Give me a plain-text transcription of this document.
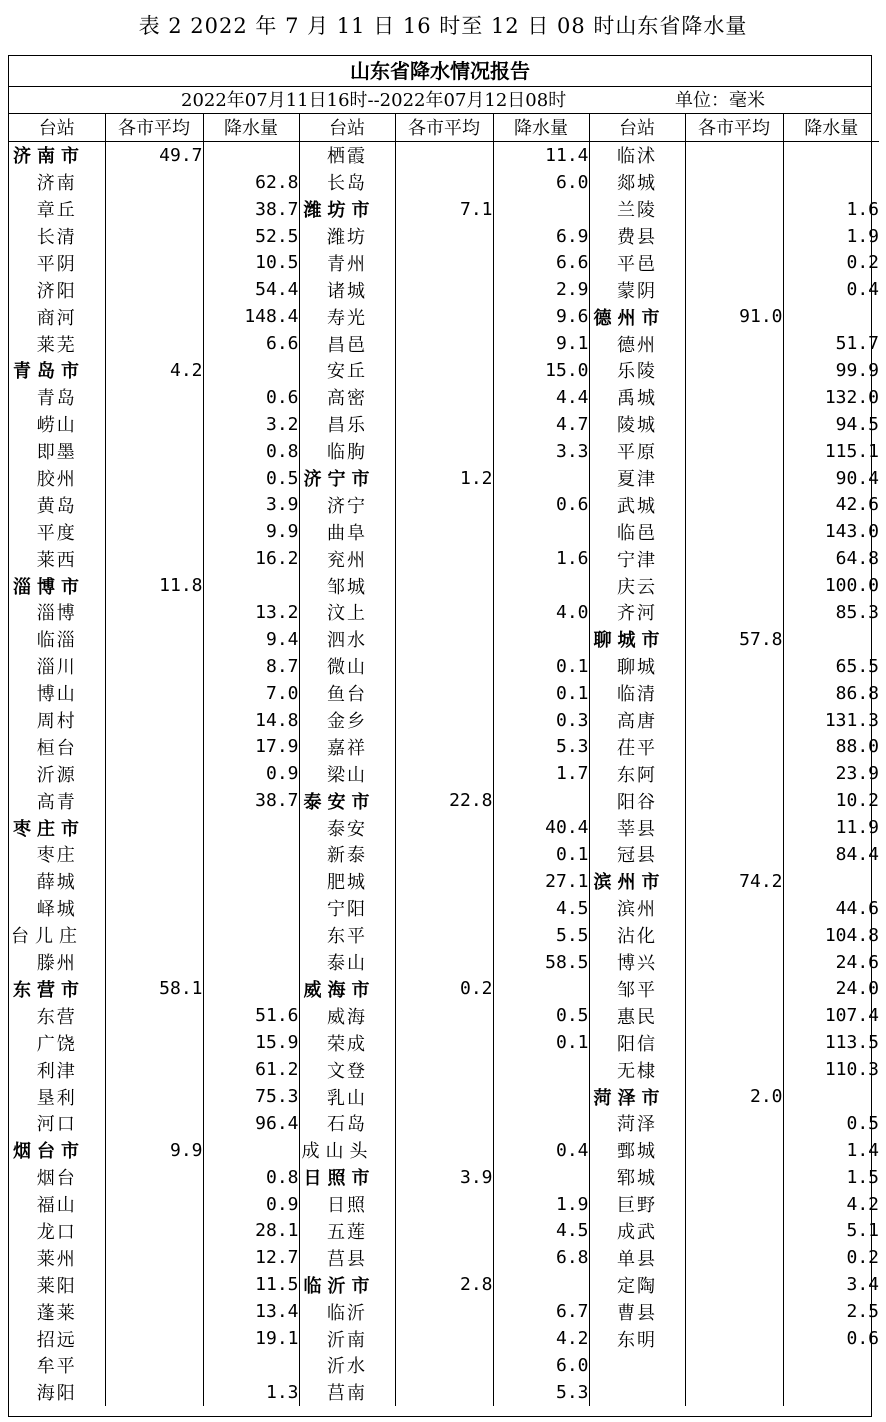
表 2 2022 年 7 月 11 日 16 时至 12 日 08 时山东省降水量
山东省降水情况报告
2022年07月11日16时--2022年07月12日08时	单位：毫米
台站	各市平均	降水量	台站	各市平均	降水量	台站	各市平均	降水量
济南市	49.7		栖霞		11.4	临沭		
济南		62.8	长岛		6.0	郯城		
章丘		38.7	潍坊市	7.1		兰陵		1.6
长清		52.5	潍坊		6.9	费县		1.9
平阴		10.5	青州		6.6	平邑		0.2
济阳		54.4	诸城		2.9	蒙阴		0.4
商河		148.4	寿光		9.6	德州市	91.0	
莱芜		6.6	昌邑		9.1	德州		51.7
青岛市	4.2		安丘		15.0	乐陵		99.9
青岛		0.6	高密		4.4	禹城		132.0
崂山		3.2	昌乐		4.7	陵城		94.5
即墨		0.8	临朐		3.3	平原		115.1
胶州		0.5	济宁市	1.2		夏津		90.4
黄岛		3.9	济宁		0.6	武城		42.6
平度		9.9	曲阜			临邑		143.0
莱西		16.2	兖州		1.6	宁津		64.8
淄博市	11.8		邹城			庆云		100.0
淄博		13.2	汶上		4.0	齐河		85.3
临淄		9.4	泗水			聊城市	57.8	
淄川		8.7	微山		0.1	聊城		65.5
博山		7.0	鱼台		0.1	临清		86.8
周村		14.8	金乡		0.3	高唐		131.3
桓台		17.9	嘉祥		5.3	茌平		88.0
沂源		0.9	梁山		1.7	东阿		23.9
高青		38.7	泰安市	22.8		阳谷		10.2
枣庄市			泰安		40.4	莘县		11.9
枣庄			新泰		0.1	冠县		84.4
薛城			肥城		27.1	滨州市	74.2	
峄城			宁阳		4.5	滨州		44.6
台儿庄			东平		5.5	沾化		104.8
滕州			泰山		58.5	博兴		24.6
东营市	58.1		威海市	0.2		邹平		24.0
东营		51.6	威海		0.5	惠民		107.4
广饶		15.9	荣成		0.1	阳信		113.5
利津		61.2	文登			无棣		110.3
垦利		75.3	乳山			菏泽市	2.0	
河口		96.4	石岛			菏泽		0.5
烟台市	9.9		成山头		0.4	鄄城		1.4
烟台		0.8	日照市	3.9		郓城		1.5
福山		0.9	日照		1.9	巨野		4.2
龙口		28.1	五莲		4.5	成武		5.1
莱州		12.7	莒县		6.8	单县		0.2
莱阳		11.5	临沂市	2.8		定陶		3.4
蓬莱		13.4	临沂		6.7	曹县		2.5
招远		19.1	沂南		4.2	东明		0.6
牟平			沂水		6.0			
海阳		1.3	莒南		5.3			
